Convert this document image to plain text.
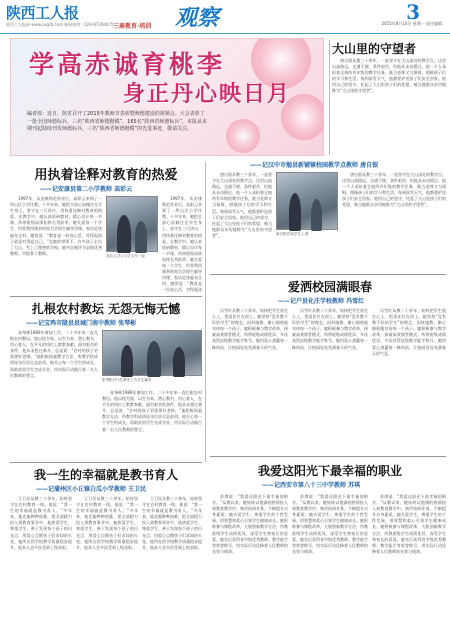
陕西工人报
陕西工人报网 www.sxgrb.com 新闻热线：029-87294475 三秦教育·培训 观察	3
2015年8月10日 星期一 责任编辑：
学高赤诚育桃李
身正丹心映日月
编者按：近日，陕省召开了2015年教师节表彰暨师德建设的视频会。大会表彰了一批全国师德标兵、三名“陕西省师德楷模”、165名“陕西省师德标兵”，本报从本期刊起陆续刊发师德标兵、三名“陕西省师德楷模”的先进事迹，敬请关注。
用执着诠释对教育的热爱
—— 记安康县第二小学教师 高彩云

1997年，从安康师范毕业后，高彩云来到了一所山区小学任教。十多年来，她把全部心血倾注在学生身上，坚守在三尺讲台，用执着诠释对教育的热爱。在教学中，她认真钻研教材，精心设计每一节课，所带班级成绩始终名列前茅。她关爱每一个学生，经常利用课余时间为学困生辅导功课，家访足迹遍布全村。她常说：“教育是一份良心活，对得起孩子就是对得起自己。”在她的带领下，许多孩子走出了大山，考上了理想的学校。她多次被评为县级优秀教师、市级骨干教师。

高彩云(右)与学生在一起

1997年，从安康师范毕业后，高彩云来到了一所山区小学任教。十多年来，她把全部心血倾注在学生身上，坚守在三尺讲台，用执着诠释对教育的热爱。在教学中，她认真钻研教材，精心设计每一节课，所带班级成绩始终名列前茅。她关爱每一个学生，经常利用课余时间为学困生辅导功课，家访足迹遍布全村。她常说：“教育是一份良心活，对得起孩

扎根农村教坛 无怨无悔无憾
—— 记宝鸡市陇县县城门南中教师 张琴彬

张琴彬1989年参加工作，二十多年来一直扎根农村教坛。他以校为家，以生为本，潜心教书，用心育人，在平凡的岗位上默默奉献。面对艰苦的条件，他从未想过离开，总是说：“农村的孩子更需要好老师。”他积极探索教学方法，所教学科成绩连年位居全县前列。他关心每一个学生的成长，资助贫困学生完成学业，用实际行动践行着一名人民教师的誓言。

张琴彬(中)在课堂上为学生辅导

张琴彬1989年参加工作，二十多年来一直扎根农村教坛。他以校为家，以生为本，潜心教书，用心育人，在平凡的岗位上默默奉献。面对艰苦的条件，他从未想过离开，总是说：“农村的孩子更需要好老师。”他积极探索教学方法，所教学科成绩连年位居全县前列。他关心每一个学生的成长，资助贫困学生完成学业，用实际行动践行着一名人民教师的誓言。

我一生的幸福就是教书育人
—— 记蒲州区小丘镇白瓜小学教师 王卫民

王卫民从教三十余年，始终坚守在农村教育一线。他说：“我一生的幸福就是教书育人。”多年来，他克服种种困难，把全部精力投入到教育事业中。他热爱学生，尊重学生，善于发现每个孩子的闪光点，用爱心点燃孩子们求知的火花。他所在的学校教学质量稳步提升，他本人也多次受到上级表彰。

王卫民从教三十余年，始终坚守在农村教育一线。他说：“我一生的幸福就是教书育人。”多年来，他克服种种困难，把全部精力投入到教育事业中。他热爱学生，尊重学生，善于发现每个孩子的闪光点，用爱心点燃孩子们求知的火花。他所在的学校教学质量稳步提升，他本人也多次受到上级表彰。

王卫民从教三十余年，始终坚守在农村教育一线。他说：“我一生的幸福就是教书育人。”多年来，他克服种种困难，把全部精力投入到教育事业中。他热爱学生，尊重学生，善于发现每个孩子的闪光点，用爱心点燃孩子们求知的火花。他所在的学校教学质量稳步提升，他本人也多次受到上级表彰。

大山里的守望者
—— 记汉中市勉县新铺镇校园教学点教师 唐自银

唐自银从教三十余年，一直坚守在大山深处的教学点。这里山高路远，交通不便，条件艰苦，但他从未动摇过。他一个人承担着全校所有年级的教学任务，既当老师又当保姆，照顾孩子们的学习和生活。每到雨雪天气，他都要护送孩子们安全回家。他用自己的坚守，托起了大山里孩子们的希望，被当地群众亲切地称为“大山里的守望者”。

唐自银从教三十余年，一直坚守在大山深处的教学点。这里山高路远，交通不便，条件艰苦，但他从未动摇过。他一个人承担着全校所有年级的教学任务，既当老师又当保姆，照顾孩子们的学习和生活。每到雨雪天气，他都要护送孩子们安全回家。他用自己的坚守，托起了大山里孩子们的希望，被当地群众亲切地称为“大山里的守望者”。	唐自银在给学生上课

唐自银从教三十余年，一直坚守在大山深处的教学点。这里山高路远，交通不便，条件艰苦，但他从未动摇过。他一个人承担着全校所有年级的教学任务，既当老师又当保姆，照顾孩子们的学习和生活。每到雨雪天气，他都要护送孩子们安全回家。他用自己的坚守，托起了大山里孩子们的希望，被当地群众亲切地称为“大山里的守望者”。

爱洒校园满眼春
—— 记户县化庄学校教师 冯雪红

冯雪红从教二十余年，始终把学生放在心上，把责任扛在肩上。她坚持“没有教不好的学生”的理念，因材施教，耐心细致地对待每一个孩子。她积极参与教学改革，探索高效课堂模式，所带班级成绩优异，多次获得县级教学能手称号。她用爱心浇灌每一株幼苗，让校园处处充满春天的气息。

冯雪红从教二十余年，始终把学生放在心上，把责任扛在肩上。她坚持“没有教不好的学生”的理念，因材施教，耐心细致地对待每一个孩子。她积极参与教学改革，探索高效课堂模式，所带班级成绩优异，多次获得县级教学能手称号。她用爱心浇灌每一株幼苗，让校园处处充满春天的气息。

冯雪红从教二十余年，始终把学生放在心上，把责任扛在肩上。她坚持“没有教不好的学生”的理念，因材施教，耐心细致地对待每一个孩子。她积极参与教学改革，探索高效课堂模式，所带班级成绩优异，多次获得县级教学能手称号。她用爱心浇灌每一株幼苗，让校园处处充满春天的气息。

我爱这阳光下最幸福的职业
—— 记西安市第八十三中学教师 苏琪

苏琪说：“我爱这阳光下最幸福的职业。”从教以来，她始终以饱满的热情投入到教育教学中，刻苦钻研业务，不断提升自身素质。她关爱学生，尊重学生的个性发展，用智慧和爱心引领学生健康成长。她积极参与课程改革，大胆创新教学方法，所教班级学生成绩优异，深受学生和家长的喜爱。她先后获得省市级优秀教师、教学能手等荣誉称号，用实际行动诠释着人民教师的光荣与使命。

苏琪说：“我爱这阳光下最幸福的职业。”从教以来，她始终以饱满的热情投入到教育教学中，刻苦钻研业务，不断提升自身素质。她关爱学生，尊重学生的个性发展，用智慧和爱心引领学生健康成长。她积极参与课程改革，大胆创新教学方法，所教班级学生成绩优异，深受学生和家长的喜爱。她先后获得省市级优秀教师、教学能手等荣誉称号，用实际行动诠释着人民教师的光荣与使命。

苏琪说：“我爱这阳光下最幸福的职业。”从教以来，她始终以饱满的热情投入到教育教学中，刻苦钻研业务，不断提升自身素质。她关爱学生，尊重学生的个性发展，用智慧和爱心引领学生健康成长。她积极参与课程改革，大胆创新教学方法，所教班级学生成绩优异，深受学生和家长的喜爱。她先后获得省市级优秀教师、教学能手等荣誉称号，用实际行动诠释着人民教师的光荣与使命。
